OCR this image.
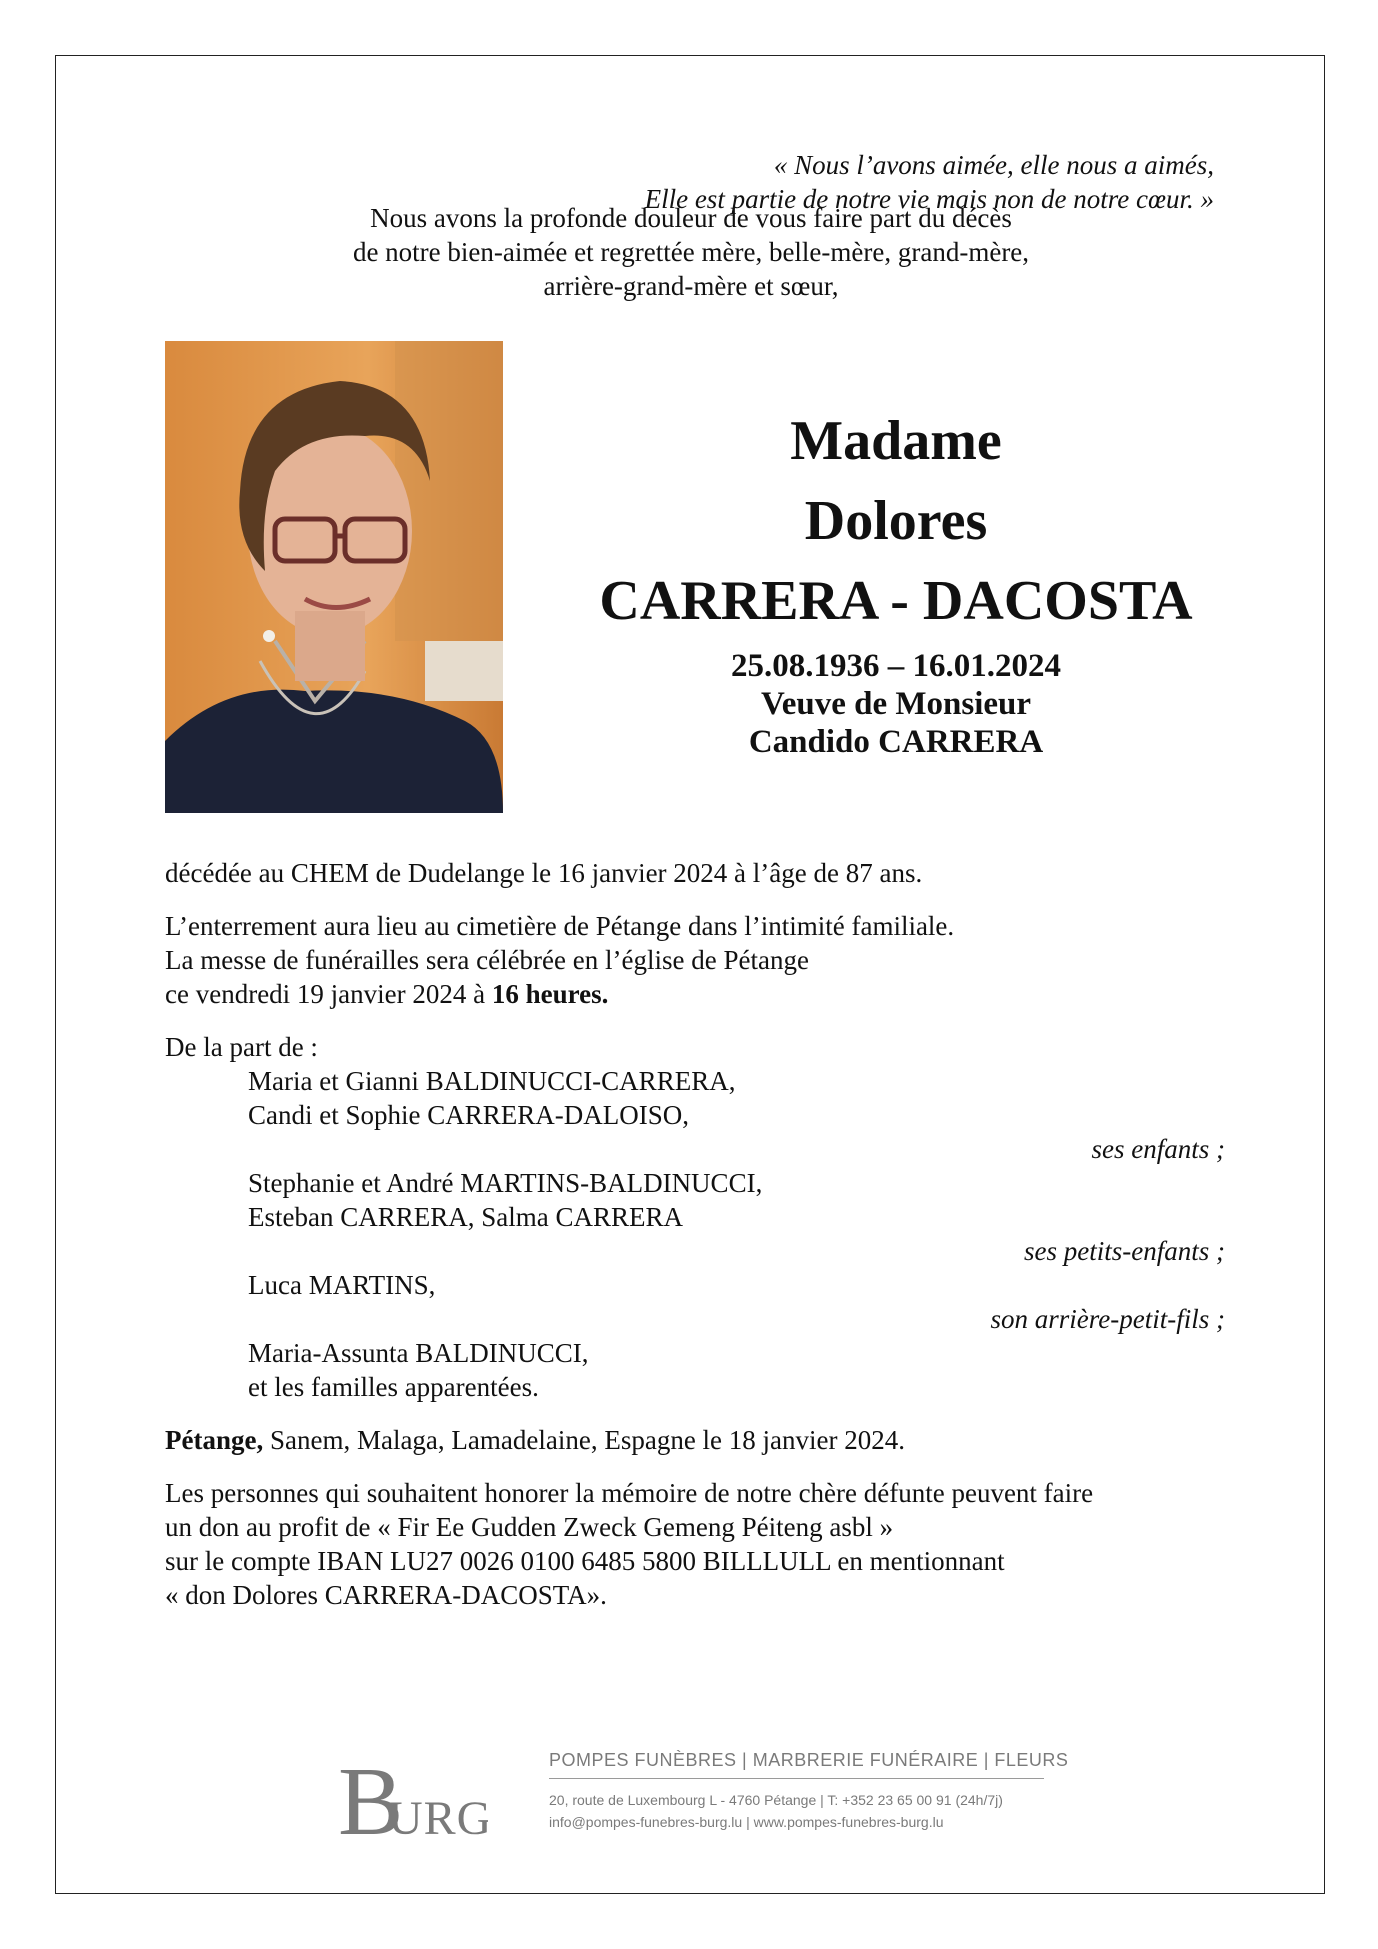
« Nous l’avons aimée, elle nous a aimés,
Elle est partie de notre vie mais non de notre cœur. »
Nous avons la profonde douleur de vous faire part du décès
de notre bien-aimée et regrettée mère, belle-mère, grand-mère,
arrière-grand-mère et sœur,
Madame
Dolores
CARRERA - DACOSTA
25.08.1936 – 16.01.2024
Veuve de Monsieur
Candido CARRERA

décédée au CHEM de Dudelange le 16 janvier 2024 à l’âge de 87 ans.

L’enterrement aura lieu au cimetière de Pétange dans l’intimité familiale.
La messe de funérailles sera célébrée en l’église de Pétange
ce vendredi 19 janvier 2024 à 16 heures.

De la part de :
Maria et Gianni BALDINUCCI-CARRERA,
Candi et Sophie CARRERA-DALOISO,
ses enfants ;
Stephanie et André MARTINS-BALDINUCCI,
Esteban CARRERA, Salma CARRERA
ses petits-enfants ;
Luca MARTINS,
son arrière-petit-fils ;
Maria-Assunta BALDINUCCI,
et les familles apparentées.

Pétange, Sanem, Malaga, Lamadelaine, Espagne le 18 janvier 2024.

Les personnes qui souhaitent honorer la mémoire de notre chère défunte peuvent faire
un don au profit de « Fir Ee Gudden Zweck Gemeng Péiteng asbl »
sur le compte IBAN LU27 0026 0100 6485 5800 BILLLULL en mentionnant
« don Dolores CARRERA-DACOSTA».

B
URG
POMPES FUNÈBRES | MARBRERIE FUNÉRAIRE | FLEURS
20, route de Luxembourg L - 4760 Pétange | T: +352 23 65 00 91 (24h/7j)
info@pompes-funebres-burg.lu | www.pompes-funebres-burg.lu
